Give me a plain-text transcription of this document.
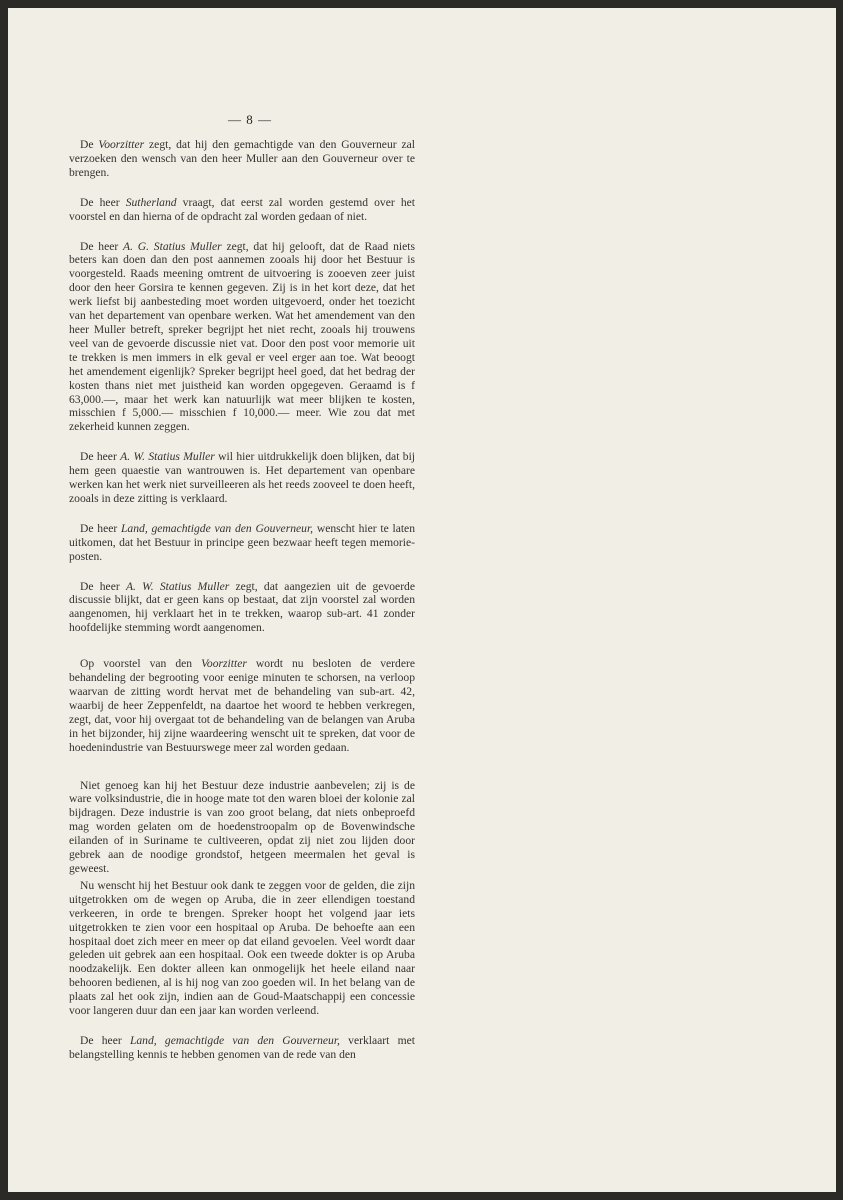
— 8 —

De Voorzitter zegt, dat hij den gemachtigde van den Gouverneur zal verzoeken den wensch van den heer Muller aan den Gouverneur over te brengen.

De heer Sutherland vraagt, dat eerst zal worden gestemd over het voorstel en dan hierna of de opdracht zal worden gedaan of niet.

De heer A. G. Statius Muller zegt, dat hij gelooft, dat de Raad niets beters kan doen dan den post aannemen zooals hij door het Bestuur is voorgesteld. Raads meening omtrent de uitvoering is zooeven zeer juist door den heer Gorsira te kennen gegeven. Zij is in het kort deze, dat het werk liefst bij aanbesteding moet worden uitgevoerd, onder het toezicht van het departement van openbare werken. Wat het amendement van den heer Muller betreft, spreker begrijpt het niet recht, zooals hij trouwens veel van de gevoerde discussie niet vat. Door den post voor memorie uit te trekken is men immers in elk geval er veel erger aan toe. Wat beoogt het amendement eigenlijk? Spreker begrijpt heel goed, dat het bedrag der kosten thans niet met juistheid kan worden opgegeven. Geraamd is f 63,000.—, maar het werk kan natuurlijk wat meer blijken te kosten, misschien f 5,000.— misschien f 10,000.— meer. Wie zou dat met zekerheid kunnen zeggen.

De heer A. W. Statius Muller wil hier uitdrukkelijk doen blijken, dat bij hem geen quaestie van wantrouwen is. Het departement van openbare werken kan het werk niet surveilleeren als het reeds zooveel te doen heeft, zooals in deze zitting is verklaard.

De heer Land, gemachtigde van den Gouverneur, wenscht hier te laten uitkomen, dat het Bestuur in principe geen bezwaar heeft tegen memorie-posten.

De heer A. W. Statius Muller zegt, dat aangezien uit de gevoerde discussie blijkt, dat er geen kans op bestaat, dat zijn voorstel zal worden aangenomen, hij verklaart het in te trekken, waarop sub-art. 41 zonder hoofdelijke stemming wordt aangenomen.

Op voorstel van den Voorzitter wordt nu besloten de verdere behandeling der begrooting voor eenige minuten te schorsen, na verloop waarvan de zitting wordt hervat met de behandeling van sub-art. 42, waarbij de heer Zeppenfeldt, na daartoe het woord te hebben verkregen, zegt, dat, voor hij overgaat tot de behandeling van de belangen van Aruba in het bijzonder, hij zijne waardeering wenscht uit te spreken, dat voor de hoedenindustrie van Bestuurswege meer zal worden gedaan.

Niet genoeg kan hij het Bestuur deze industrie aanbevelen; zij is de ware volksindustrie, die in hooge mate tot den waren bloei der kolonie zal bijdragen. Deze industrie is van zoo groot belang, dat niets onbeproefd mag worden gelaten om de hoedenstroopalm op de Bovenwindsche eilanden of in Suriname te cultiveeren, opdat zij niet zou lijden door gebrek aan de noodige grondstof, hetgeen meermalen het geval is geweest.

Nu wenscht hij het Bestuur ook dank te zeggen voor de gelden, die zijn uitgetrokken om de wegen op Aruba, die in zeer ellendigen toestand verkeeren, in orde te brengen. Spreker hoopt het volgend jaar iets uitgetrokken te zien voor een hospitaal op Aruba. De behoefte aan een hospitaal doet zich meer en meer op dat eiland gevoelen. Veel wordt daar geleden uit gebrek aan een hospitaal. Ook een tweede dokter is op Aruba noodzakelijk. Een dokter alleen kan onmogelijk het heele eiland naar behooren bedienen, al is hij nog van zoo goeden wil. In het belang van de plaats zal het ook zijn, indien aan de Goud-Maatschappij een concessie voor langeren duur dan een jaar kan worden verleend.

De heer Land, gemachtigde van den Gouverneur, verklaart met belangstelling kennis te hebben genomen van de rede van den
